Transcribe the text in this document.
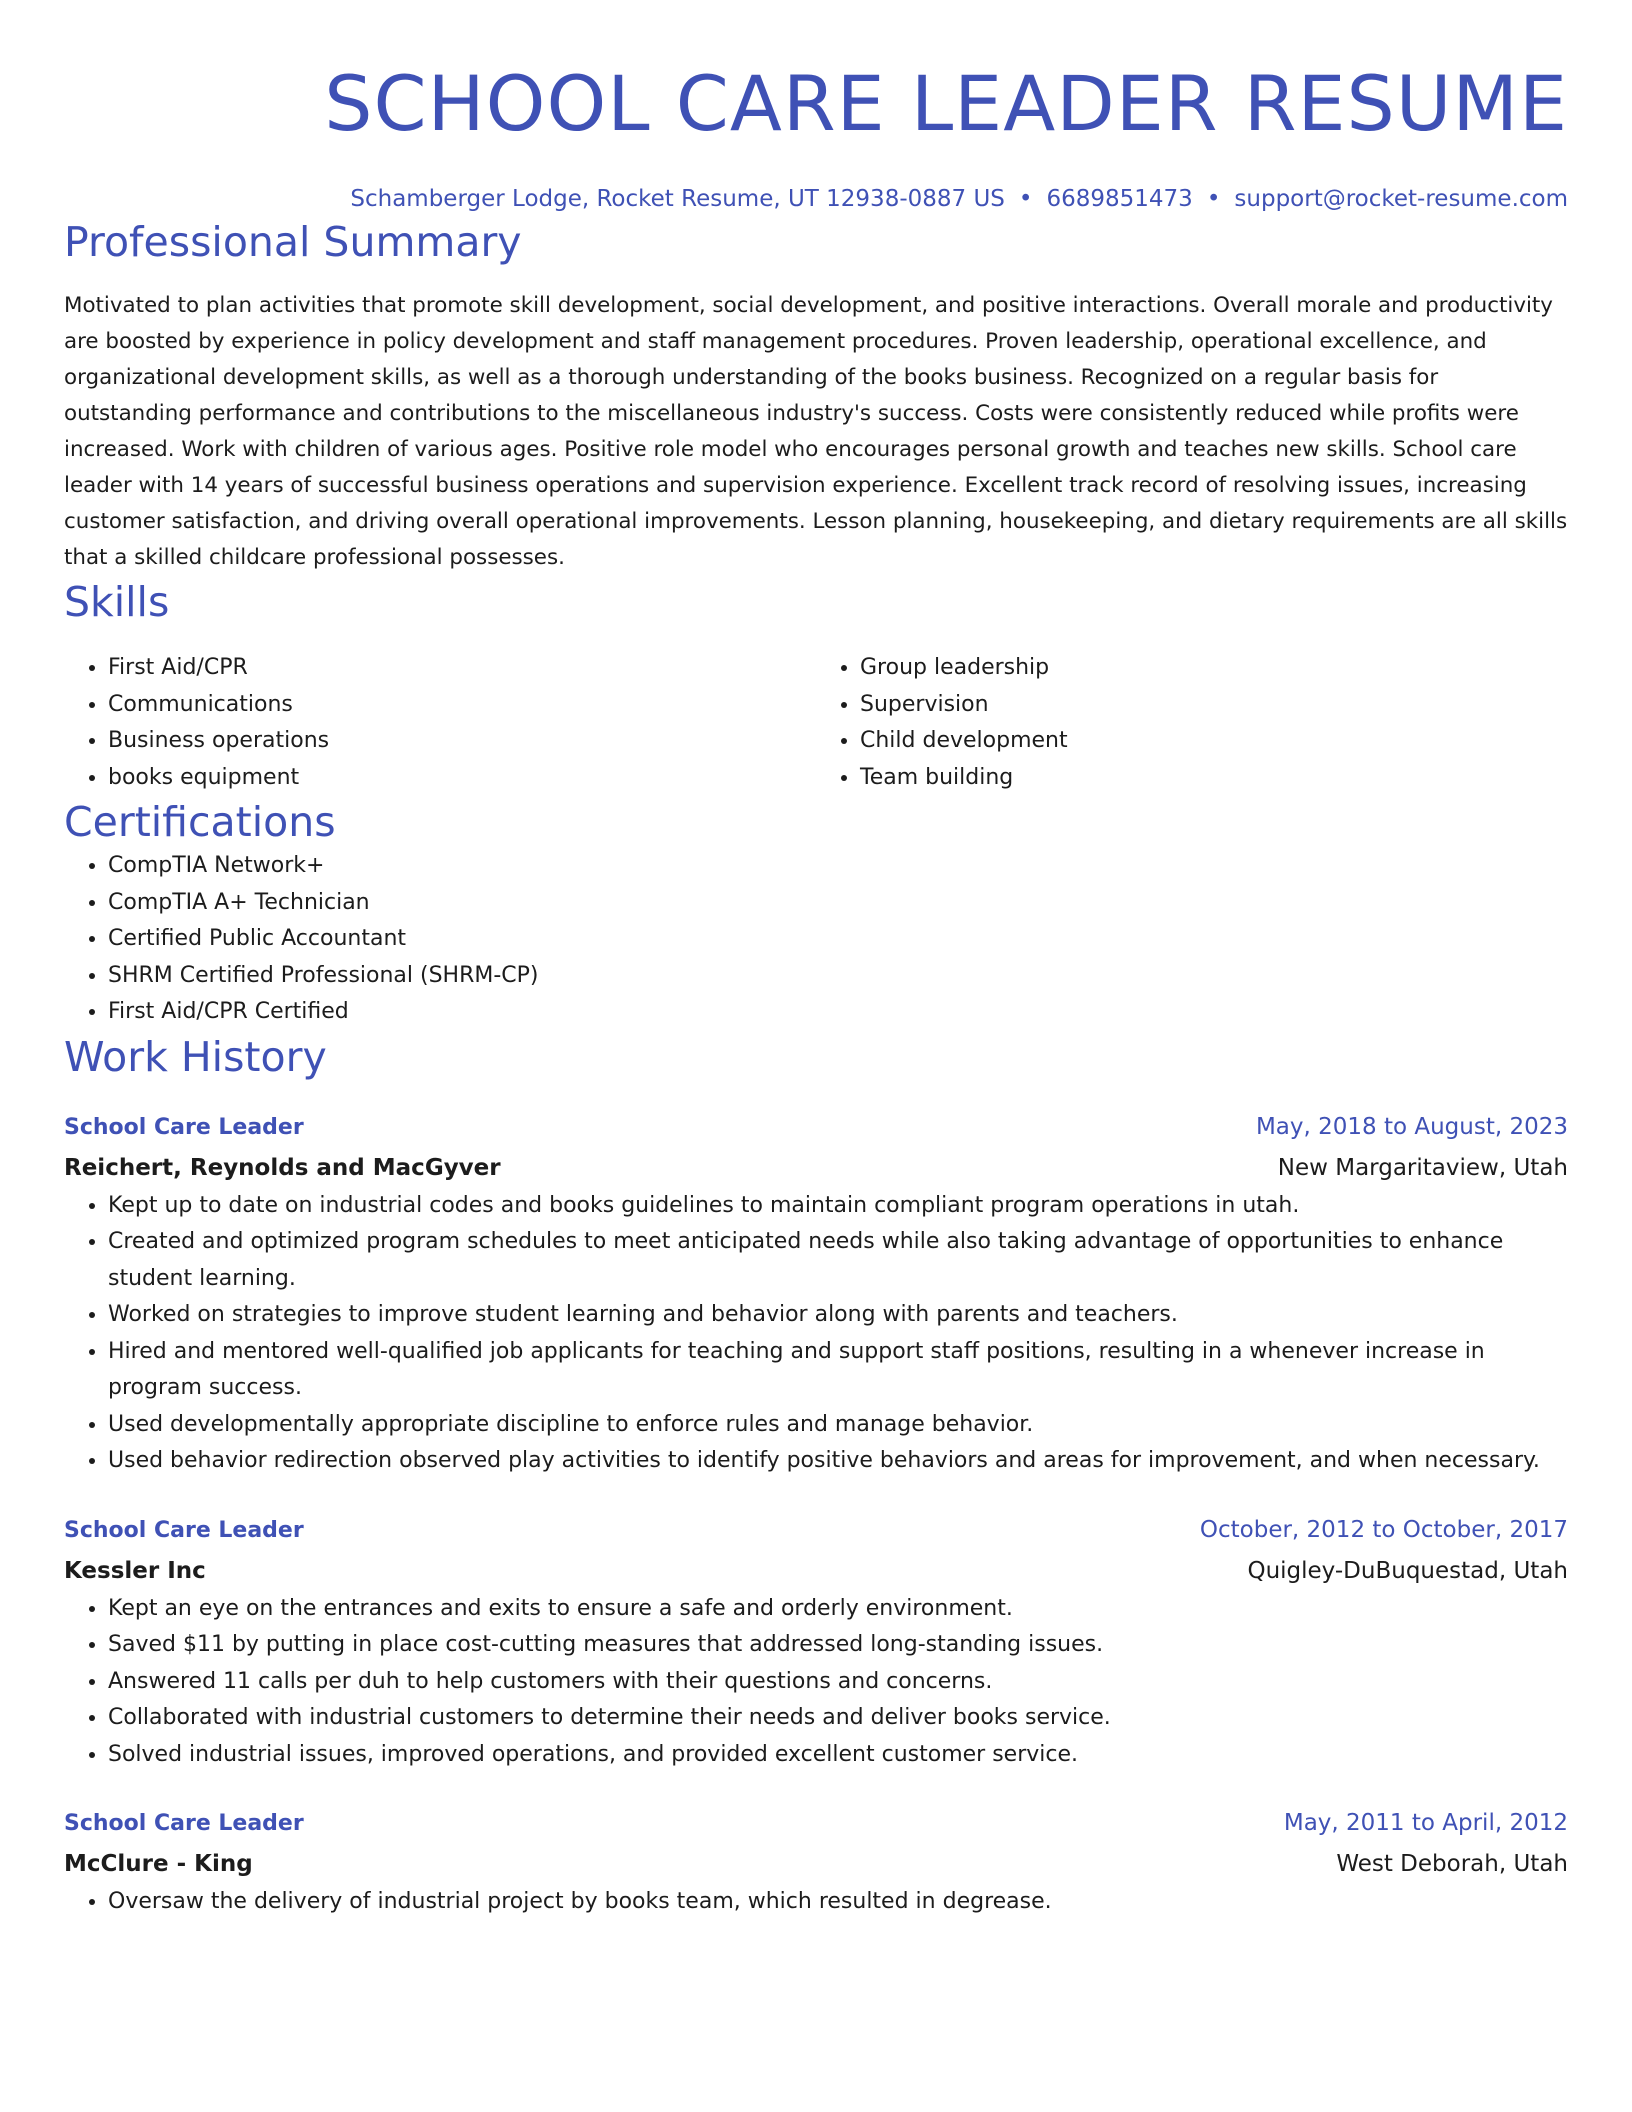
SCHOOL CARE LEADER RESUME
Schamberger Lodge, Rocket Resume, UT 12938-0887 US • 6689851473 • support@rocket-resume.com
Professional Summary

Motivated to plan activities that promote skill development, social development, and positive interactions. Overall morale and productivity are boosted by experience in policy development and staff management procedures. Proven leadership, operational excellence, and organizational development skills, as well as a thorough understanding of the books business. Recognized on a regular basis for outstanding performance and contributions to the miscellaneous industry's success. Costs were consistently reduced while profits were increased. Work with children of various ages. Positive role model who encourages personal growth and teaches new skills. School care leader with 14 years of successful business operations and supervision experience. Excellent track record of resolving issues, increasing customer satisfaction, and driving overall operational improvements. Lesson planning, housekeeping, and dietary requirements are all skills that a skilled childcare professional possesses.

Skills
• First Aid/CPR
• Communications
• Business operations
• books equipment
• Group leadership
• Supervision
• Child development
• Team building
Certifications
• CompTIA Network+
• CompTIA A+ Technician
• Certified Public Accountant
• SHRM Certified Professional (SHRM-CP)
• First Aid/CPR Certified
Work History
School Care Leader	May, 2018 to August, 2023
Reichert, Reynolds and MacGyver	New Margaritaview, Utah
• Kept up to date on industrial codes and books guidelines to maintain compliant program operations in utah.
• Created and optimized program schedules to meet anticipated needs while also taking advantage of opportunities to enhance student learning.
• Worked on strategies to improve student learning and behavior along with parents and teachers.
• Hired and mentored well-qualified job applicants for teaching and support staff positions, resulting in a whenever increase in program success.
• Used developmentally appropriate discipline to enforce rules and manage behavior.
• Used behavior redirection observed play activities to identify positive behaviors and areas for improvement, and when necessary.
School Care Leader	October, 2012 to October, 2017
Kessler Inc	Quigley-DuBuquestad, Utah
• Kept an eye on the entrances and exits to ensure a safe and orderly environment.
• Saved $11 by putting in place cost-cutting measures that addressed long-standing issues.
• Answered 11 calls per duh to help customers with their questions and concerns.
• Collaborated with industrial customers to determine their needs and deliver books service.
• Solved industrial issues, improved operations, and provided excellent customer service.
School Care Leader	May, 2011 to April, 2012
McClure - King	West Deborah, Utah
• Oversaw the delivery of industrial project by books team, which resulted in degrease.
